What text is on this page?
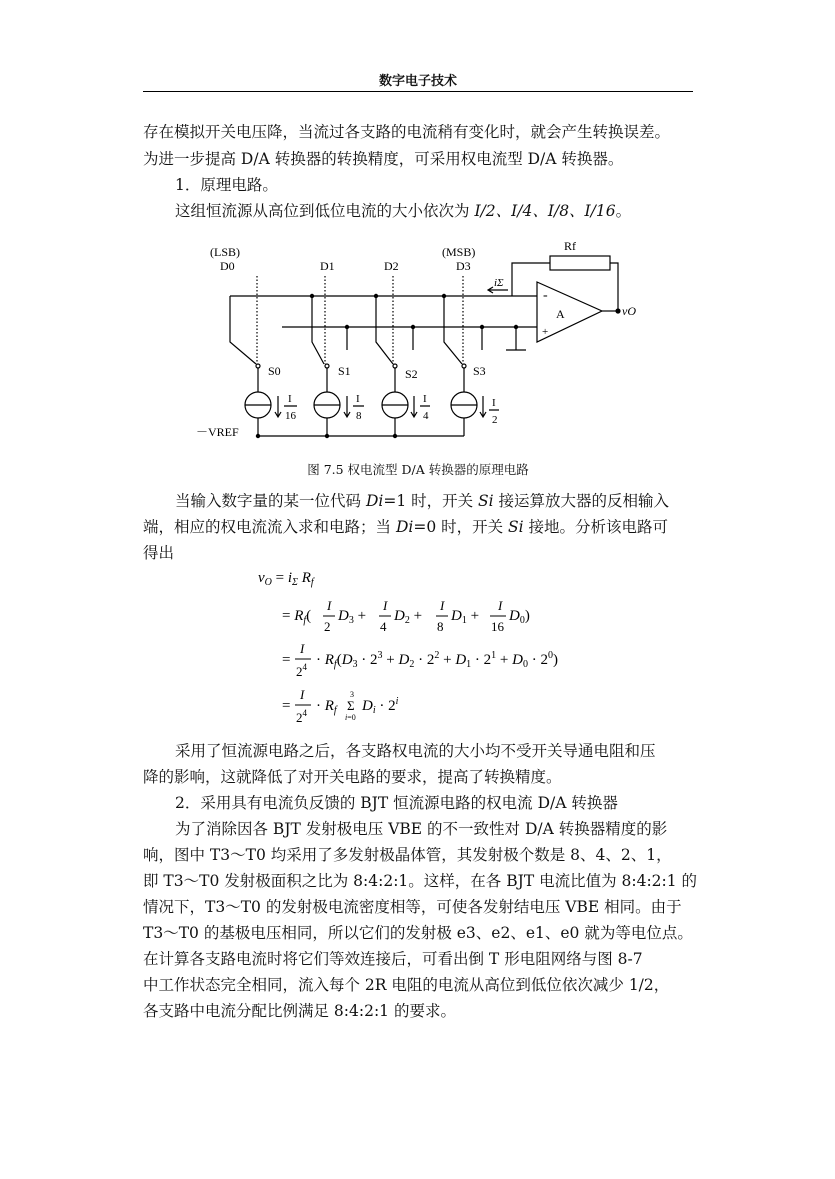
数字电子技术
存在模拟开关电压降，当流过各支路的电流稍有变化时，就会产生转换误差。
为进一步提高 D/A 转换器的转换精度，可采用权电流型 D/A 转换器。
1．原理电路。
这组恒流源从高位到低位电流的大小依次为 I/2、I/4、I/8、I/16。
(LSB)
D0	D1	D2
(MSB)
D3
Rf
-
+
A	vO
iΣ
S0	S1	S2	S3
I
16
I
8
I
4
I
2
－VREF
图 7.5 权电流型 D/A 转换器的原理电路
当输入数字量的某一位代码 Di=1 时，开关 Si 接运算放大器的反相输入
端，相应的权电流流入求和电路；当 Di=0 时，开关 Si 接地。分析该电路可
得出
$v_O = i_\Sigma$ $R_f$
= $R_f$(
I
2
I
4
I
8
I
16
$D_3 + D_2 + D_1 + D_0$)
=
I
$2^4 \cdot R_f(D_3 \cdot 2^3 + D_2 \cdot 2^2 + D_1 \cdot 2^1 + D_0 \cdot 2^0)$
=
I
$2^4 \cdot R_f$
3
Σ
i=0
$D_i \cdot 2^i$
采用了恒流源电路之后，各支路权电流的大小均不受开关导通电阻和压
降的影响，这就降低了对开关电路的要求，提高了转换精度。
2．采用具有电流负反馈的 BJT 恒流源电路的权电流 D/A 转换器
为了消除因各 BJT 发射极电压 VBE 的不一致性对 D/A 转换器精度的影
响，图中 T3～T0 均采用了多发射极晶体管，其发射极个数是 8、4、2、1，
即 T3～T0 发射极面积之比为 8:4:2:1。这样，在各 BJT 电流比值为 8:4:2:1 的
情况下，T3～T0 的发射极电流密度相等，可使各发射结电压 VBE 相同。由于
T3～T0 的基极电压相同，所以它们的发射极 e3、e2、e1、e0 就为等电位点。
在计算各支路电流时将它们等效连接后，可看出倒 T 形电阻网络与图 8-7
中工作状态完全相同，流入每个 2R 电阻的电流从高位到低位依次减少 1/2，
各支路中电流分配比例满足 8:4:2:1 的要求。
